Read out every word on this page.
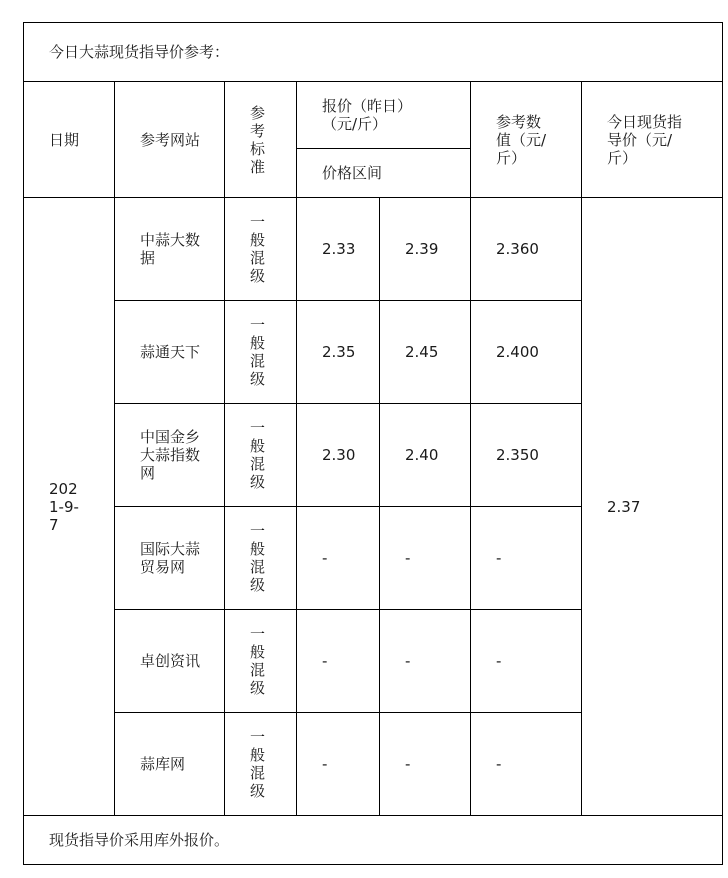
今日大蒜现货指导价参考：						
日期	参考网站	参考标准	报价（昨日）（元/斤）		参考数值（元/斤）	今日现货指导价（元/斤）
			价格区间			
2021-9-7	中蒜大数据	一般混级	2.33	2.39	2.360	2.37
	蒜通天下	一般混级	2.35	2.45	2.400	
	中国金乡大蒜指数网	一般混级	2.30	2.40	2.350	
	国际大蒜贸易网	一般混级	-	-	-	
	卓创资讯	一般混级	-	-	-	
	蒜库网	一般混级	-	-	-	
现货指导价采用库外报价。						
